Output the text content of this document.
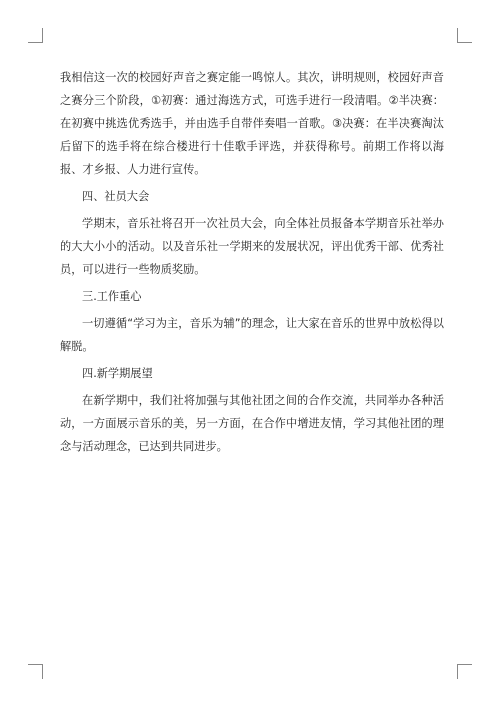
我相信这一次的校园好声音之赛定能一鸣惊人。其次，讲明规则，校园好声音之赛分三个阶段，①初赛：通过海选方式，可选手进行一段清唱。②半决赛：在初赛中挑选优秀选手，并由选手自带伴奏唱一首歌。③决赛：在半决赛淘汰后留下的选手将在综合楼进行十佳歌手评选，并获得称号。前期工作将以海报、才乡报、人力进行宣传。

四、社员大会

学期末，音乐社将召开一次社员大会，向全体社员报备本学期音乐社举办的大大小小的活动。以及音乐社一学期来的发展状况，评出优秀干部、优秀社员，可以进行一些物质奖励。

三.工作重心

一切遵循“学习为主，音乐为辅”的理念，让大家在音乐的世界中放松得以解脱。

四.新学期展望

在新学期中，我们社将加强与其他社团之间的合作交流，共同举办各种活动，一方面展示音乐的美，另一方面，在合作中增进友情，学习其他社团的理念与活动理念，已达到共同进步。
